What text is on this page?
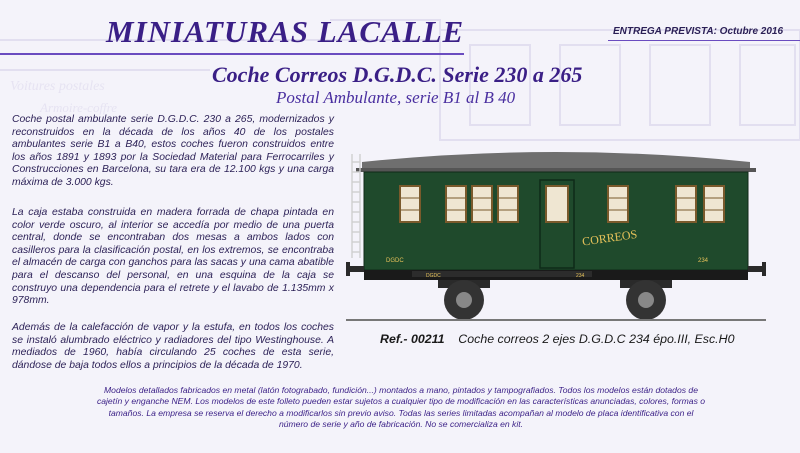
Voitures postales
Armoire-coffre
MINIATURAS LACALLE	ENTREGA PREVISTA: Octubre 2016
Coche Correos D.G.D.C. Serie 230 a 265
Postal Ambulante, serie B1 al B 40

Coche postal ambulante serie D.G.D.C. 230 a 265, modernizados y reconstruidos en la década de los años 40 de los postales ambulantes serie B1 a B40, estos coches fueron construidos entre los años 1891 y 1893 por la Sociedad Material para Ferrocarriles y Construcciones en Barcelona, su tara era de 12.100 kgs y una carga máxima de 3.000 kgs.

La caja estaba construida en madera forrada de chapa pintada en color verde oscuro, al interior se accedía por medio de una puerta central, donde se encontraban dos mesas a ambos lados con casilleros para la clasificación postal, en los extremos, se encontraba el almacén de carga con ganchos para las sacas y una cama abatible para el descanso del personal, en una esquina de la caja se construyo una dependencia para el retrete y el lavabo de 1.135mm x 978mm.

Además de la calefacción de vapor y la estufa, en todos los coches se instaló alumbrado eléctrico y radiadores del tipo Westinghouse. A mediados de 1960, había circulando 25 coches de esta serie, dándose de baja todos ellos a principios de la década de 1970.

CORREOS
DGDC	234
DGDC	234
Ref.- 00211 Coche correos 2 ejes D.G.D.C 234 épo.III, Esc.H0

Modelos detallados fabricados en metal (latón fotograbado, fundición...) montados a mano, pintados y tampografiados. Todos los modelos están dotados de cajetín y enganche NEM. Los modelos de este folleto pueden estar sujetos a cualquier tipo de modificación en las características anunciadas, colores, formas o tamaños. La empresa se reserva el derecho a modificarlos sin previo aviso. Todas las series limitadas acompañan al modelo de placa identificativa con el número de serie y año de fabricación. No se comercializa en kit.
